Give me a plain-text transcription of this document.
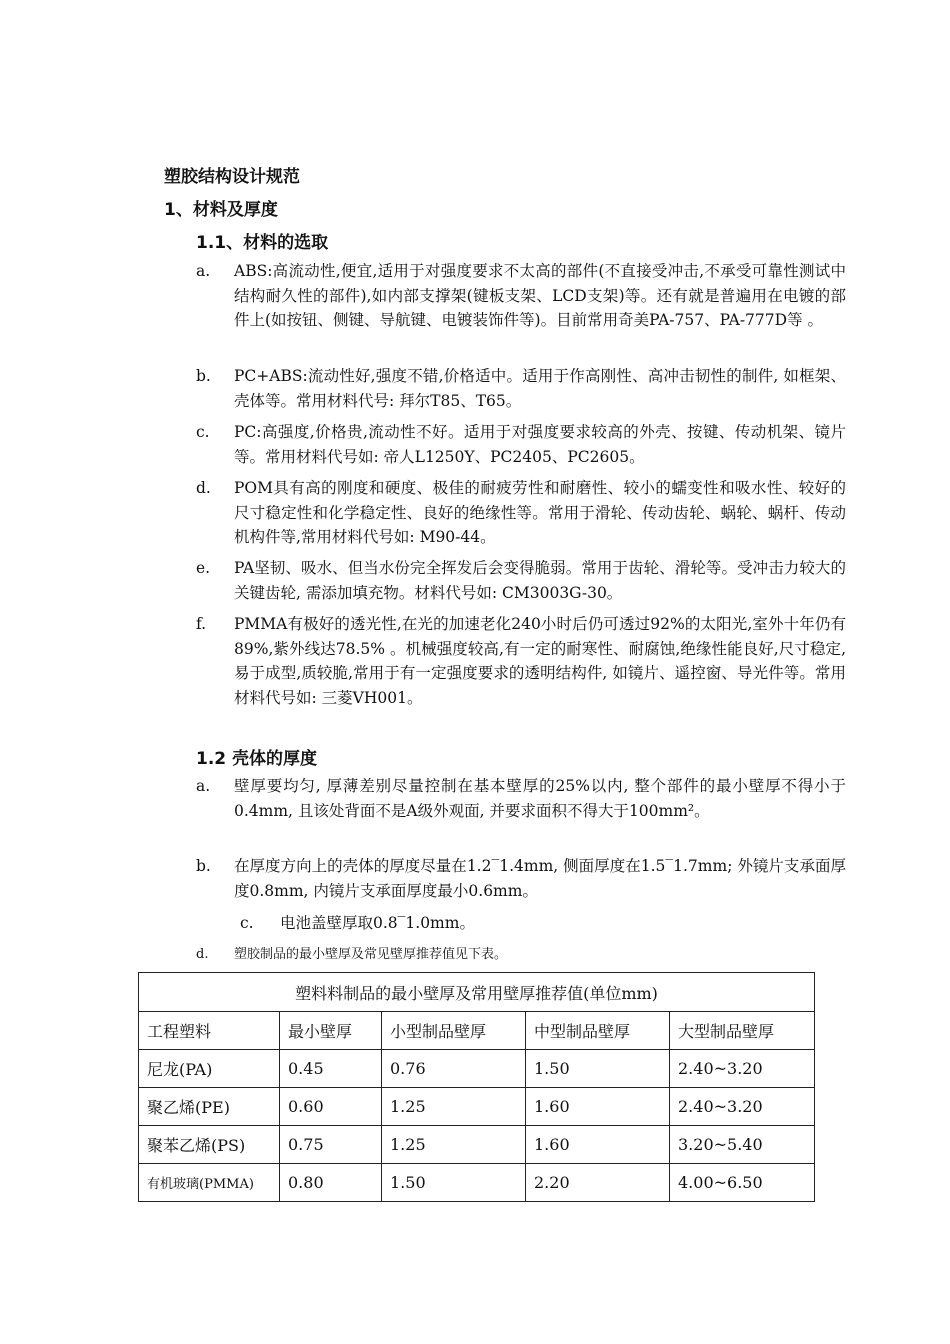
塑胶结构设计规范
1、材料及厚度
1.1、材料的选取
a.	ABS:高流动性,便宜,适用于对强度要求不太高的部件(不直接受冲击,不承受可靠性测试中结构耐久性的部件),如内部支撑架(键板支架、LCD支架)等。还有就是普遍用在电镀的部件上(如按钮、侧键、导航键、电镀装饰件等)。目前常用奇美PA-757、PA-777D等 。
b.	PC+ABS:流动性好,强度不错,价格适中。适用于作高刚性、高冲击韧性的制件, 如框架、壳体等。常用材料代号: 拜尔T85、T65。
c.	PC:高强度,价格贵,流动性不好。适用于对强度要求较高的外壳、按键、传动机架、镜片等。常用材料代号如: 帝人L1250Y、PC2405、PC2605。
d.	POM具有高的刚度和硬度、极佳的耐疲劳性和耐磨性、较小的蠕变性和吸水性、较好的尺寸稳定性和化学稳定性、良好的绝缘性等。常用于滑轮、传动齿轮、蜗轮、蜗杆、传动机构件等,常用材料代号如: M90-44。
e.	PA坚韧、吸水、但当水份完全挥发后会变得脆弱。常用于齿轮、滑轮等。受冲击力较大的关键齿轮, 需添加填充物。材料代号如: CM3003G-30。
f.	PMMA有极好的透光性,在光的加速老化240小时后仍可透过92%的太阳光,室外十年仍有89%,紫外线达78.5% 。机械强度较高,有一定的耐寒性、耐腐蚀,绝缘性能良好,尺寸稳定,易于成型,质较脆,常用于有一定强度要求的透明结构件, 如镜片、遥控窗、导光件等。常用材料代号如: 三菱VH001。
1.2 壳体的厚度
a.	壁厚要均匀, 厚薄差别尽量控制在基本壁厚的25%以内, 整个部件的最小壁厚不得小于0.4mm, 且该处背面不是A级外观面, 并要求面积不得大于100mm²。
b.	在厚度方向上的壳体的厚度尽量在1.2‾1.4mm, 侧面厚度在1.5‾1.7mm; 外镜片支承面厚度0.8mm, 内镜片支承面厚度最小0.6mm。
c. 电池盖壁厚取0.8‾1.0mm。
d.	塑胶制品的最小壁厚及常见壁厚推荐值见下表。
塑料料制品的最小壁厚及常用壁厚推荐值(单位mm)				
工程塑料	最小壁厚	小型制品壁厚	中型制品壁厚	大型制品壁厚
尼龙(PA)	0.45	0.76	1.50	2.40~3.20
聚乙烯(PE)	0.60	1.25	1.60	2.40~3.20
聚苯乙烯(PS)	0.75	1.25	1.60	3.20~5.40
有机玻璃(PMMA)	0.80	1.50	2.20	4.00~6.50
